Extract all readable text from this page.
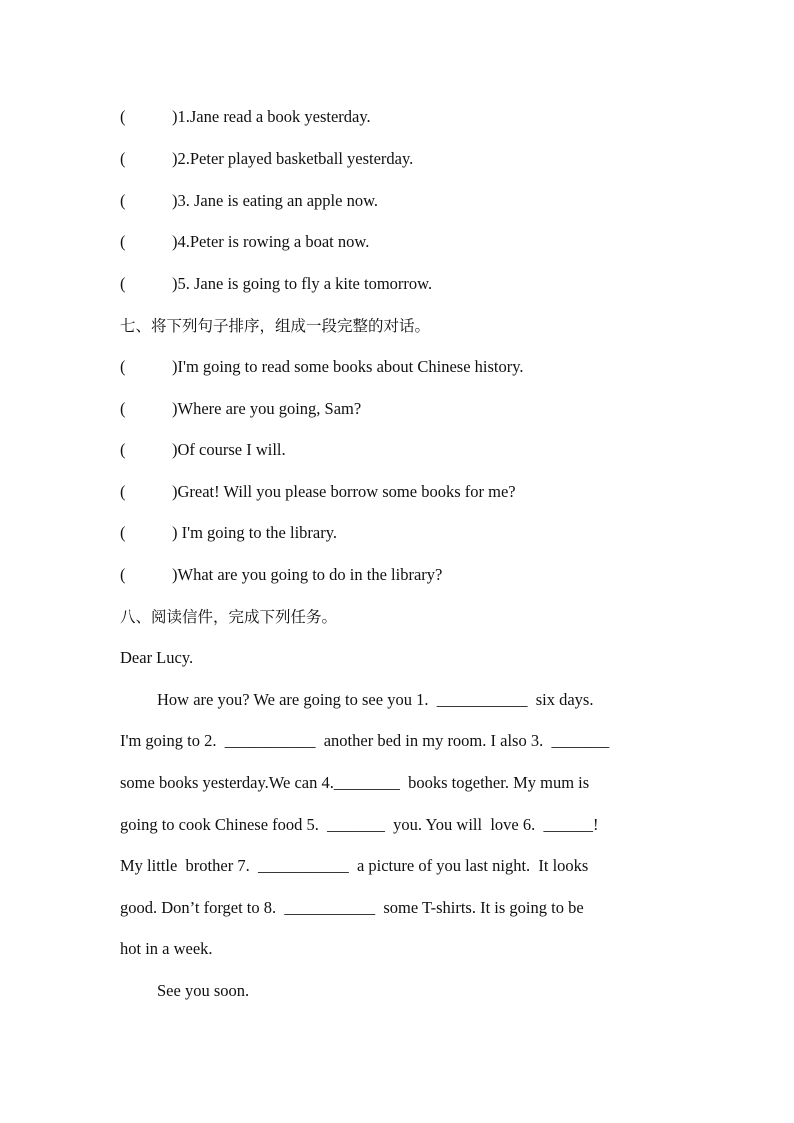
(	)1.Jane read a book yesterday.
(	)2.Peter played basketball yesterday.
(	)3. Jane is eating an apple now.
(	)4.Peter is rowing a boat now.
(	)5. Jane is going to fly a kite tomorrow.
七、将下列句子排序，组成一段完整的对话。
(	)I'm going to read some books about Chinese history.
(	)Where are you going, Sam?
(	)Of course I will.
(	)Great! Will you please borrow some books for me?
(	) I'm going to the library.
(	)What are you going to do in the library?
八、阅读信件，完成下列任务。
Dear Lucy.
How are you? We are going to see you 1.  ___________  six days.
I'm going to 2.  ___________  another bed in my room. I also 3.  _______
some books yesterday.We can 4.________  books together. My mum is
going to cook Chinese food 5.  _______  you. You will  love 6.  ______!
My little  brother 7.  ___________  a picture of you last night.  It looks
good. Don’t forget to 8.  ___________  some T-shirts. It is going to be
hot in a week.
See you soon.
